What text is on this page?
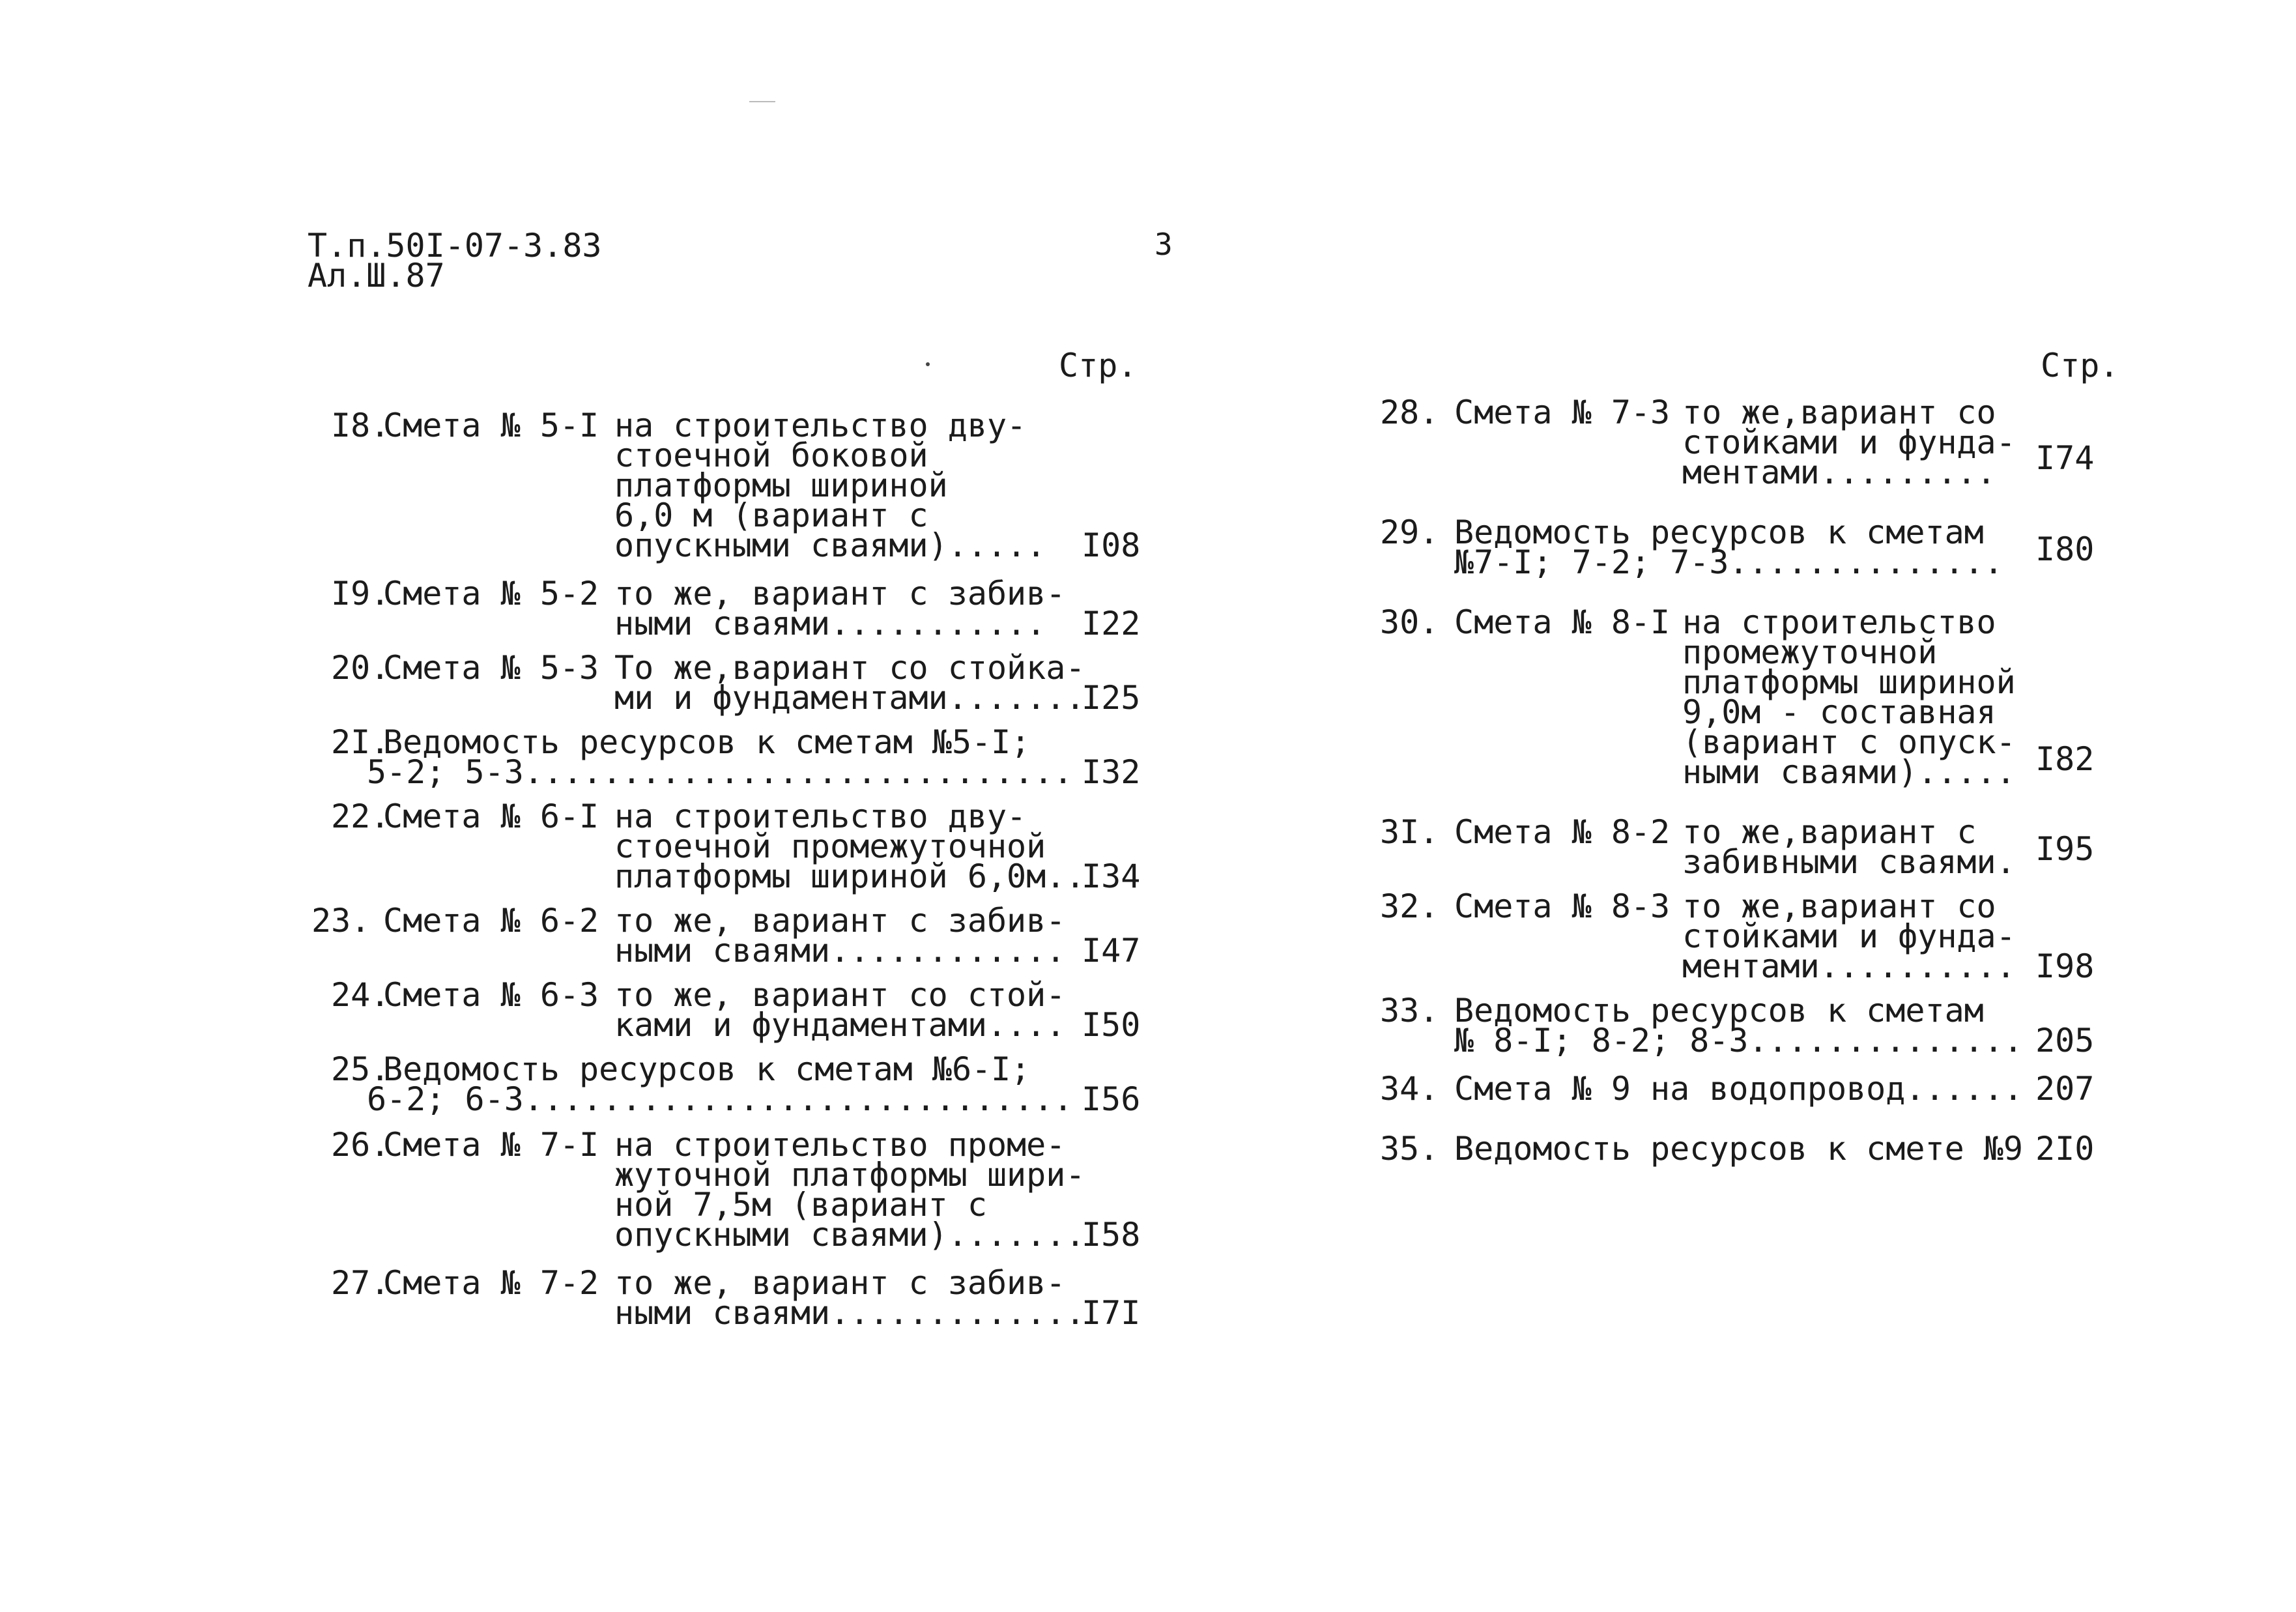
Т.п.50I-07-3.83
Ал.Ш.87
3
Стр.	Стр.
I8.
Смета № 5-I на строительство дву-
стоечной боковой
платформы шириной
6,0 м (вариант с
опускными сваями)..... I08
I9.
Смета № 5-2 то же, вариант с забив-
ными сваями........... I22
20.
Смета № 5-3 То же,вариант со стойка-
ми и фундаментами.......
I25
2I.
Ведомость ресурсов к сметам №5-I;
5-2; 5-3............................ I32
22.
Смета № 6-I на строительство дву-
стоечной промежуточной
платформы шириной 6,0м..
I34
23.
Смета № 6-2 то же, вариант с забив-
ными сваями............ I47
24.
Смета № 6-3 то же, вариант со стой-
ками и фундаментами.... I50
25.
Ведомость ресурсов к сметам №6-I;
6-2; 6-3............................ I56
26.
Смета № 7-I на строительство проме-
жуточной платформы шири-
ной 7,5м (вариант с
опускными сваями).......
I58
27.
Смета № 7-2 то же, вариант с забив-
ными сваями.............
I7I
28. Смета № 7-3 то же,вариант со
стойками и фунда-
ментами......... I74
29. Ведомость ресурсов к сметам
№7-I; 7-2; 7-3.............. I80
30. Смета № 8-I на строительство
промежуточной
платформы шириной
9,0м - составная
(вариант с опуск-
ными сваями)..... I82
3I. Смета № 8-2 то же,вариант с
забивными сваями. I95
32. Смета № 8-3 то же,вариант со
стойками и фунда-
ментами.......... I98
33. Ведомость ресурсов к сметам
№ 8-I; 8-2; 8-3.............. 205
34. Смета № 9 на водопровод...... 207
35. Ведомость ресурсов к смете №9 2I0
